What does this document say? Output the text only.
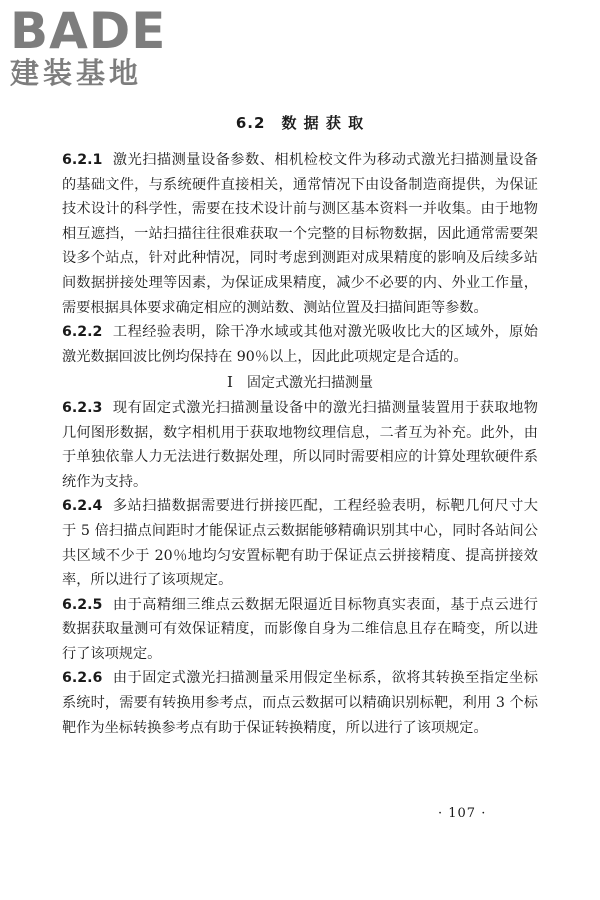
BADE
建装基地
6.2 数 据 获 取

6.2.1 激光扫描测量设备参数、相机检校文件为移动式激光扫描测量设备的基础文件，与系统硬件直接相关，通常情况下由设备制造商提供，为保证技术设计的科学性，需要在技术设计前与测区基本资料一并收集。由于地物相互遮挡，一站扫描往往很难获取一个完整的目标物数据，因此通常需要架设多个站点，针对此种情况，同时考虑到测距对成果精度的影响及后续多站间数据拼接处理等因素，为保证成果精度，减少不必要的内、外业工作量，需要根据具体要求确定相应的测站数、测站位置及扫描间距等参数。

6.2.2 工程经验表明，除干净水域或其他对激光吸收比大的区域外，原始激光数据回波比例均保持在 90％以上，因此此项规定是合适的。

Ⅰ 固定式激光扫描测量

6.2.3 现有固定式激光扫描测量设备中的激光扫描测量装置用于获取地物几何图形数据，数字相机用于获取地物纹理信息，二者互为补充。此外，由于单独依靠人力无法进行数据处理，所以同时需要相应的计算处理软硬件系统作为支持。

6.2.4 多站扫描数据需要进行拼接匹配，工程经验表明，标靶几何尺寸大于 5 倍扫描点间距时才能保证点云数据能够精确识别其中心，同时各站间公共区域不少于 20％地均匀安置标靶有助于保证点云拼接精度、提高拼接效率，所以进行了该项规定。

6.2.5 由于高精细三维点云数据无限逼近目标物真实表面，基于点云进行数据获取量测可有效保证精度，而影像自身为二维信息且存在畸变，所以进行了该项规定。

6.2.6 由于固定式激光扫描测量采用假定坐标系，欲将其转换至指定坐标系统时，需要有转换用参考点，而点云数据可以精确识别标靶，利用 3 个标靶作为坐标转换参考点有助于保证转换精度，所以进行了该项规定。

· 107 ·
